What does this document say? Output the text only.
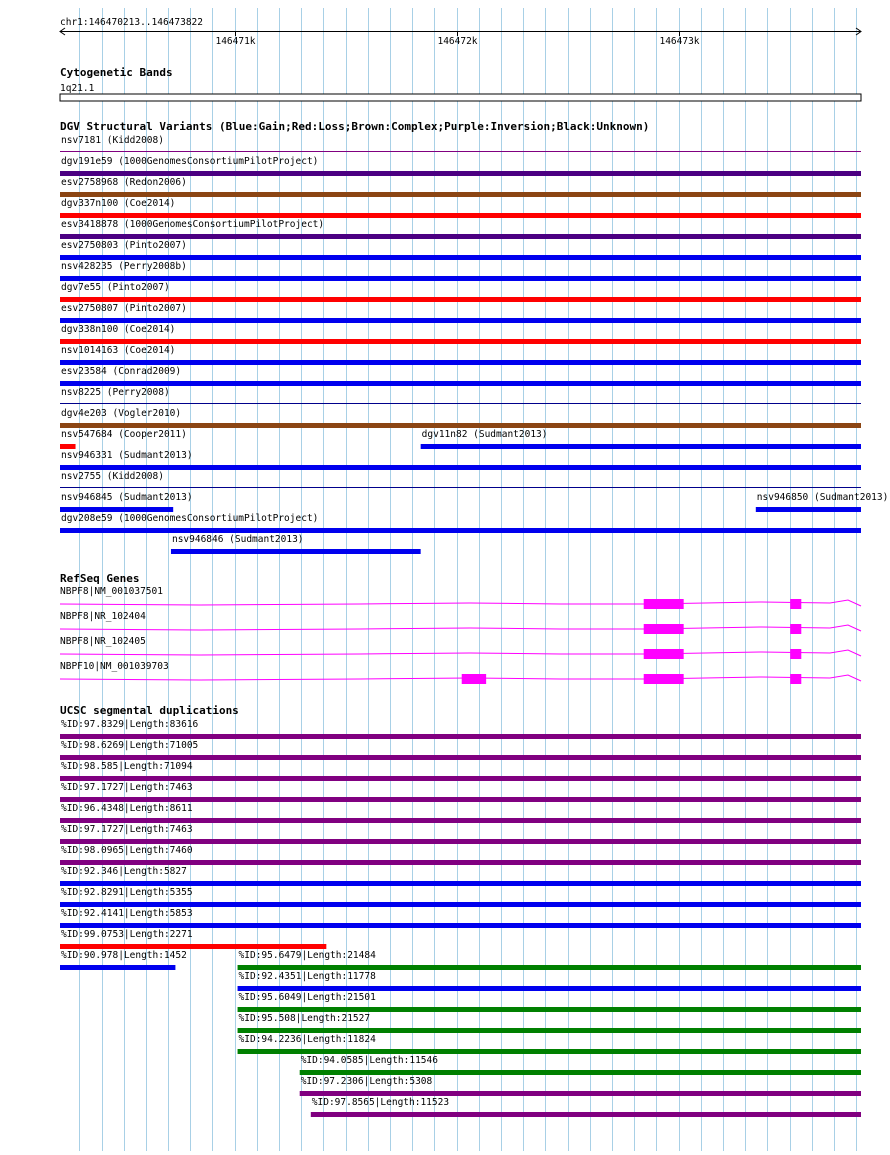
chr1:146470213..146473822
146471k	146472k	146473k
Cytogenetic Bands
1q21.1
DGV Structural Variants (Blue:Gain;Red:Loss;Brown:Complex;Purple:Inversion;Black:Unknown)
nsv7181 (Kidd2008)
dgv191e59 (1000GenomesConsortiumPilotProject)
esv2758968 (Redon2006)
dgv337n100 (Coe2014)
esv3418878 (1000GenomesConsortiumPilotProject)
esv2750803 (Pinto2007)
nsv428235 (Perry2008b)
dgv7e55 (Pinto2007)
esv2750807 (Pinto2007)
dgv338n100 (Coe2014)
nsv1014163 (Coe2014)
esv23584 (Conrad2009)
nsv8225 (Perry2008)
dgv4e203 (Vogler2010)
nsv547684 (Cooper2011)	dgv11n82 (Sudmant2013)
nsv946331 (Sudmant2013)
nsv2755 (Kidd2008)
nsv946845 (Sudmant2013)	nsv946850 (Sudmant2013)
dgv208e59 (1000GenomesConsortiumPilotProject)
nsv946846 (Sudmant2013)
RefSeq Genes
NBPF8|NM_001037501
NBPF8|NR_102404
NBPF8|NR_102405
NBPF10|NM_001039703
UCSC segmental duplications
%ID:97.8329|Length:83616
%ID:98.6269|Length:71005
%ID:98.585|Length:71094
%ID:97.1727|Length:7463
%ID:96.4348|Length:8611
%ID:97.1727|Length:7463
%ID:98.0965|Length:7460
%ID:92.346|Length:5827
%ID:92.8291|Length:5355
%ID:92.4141|Length:5853
%ID:99.0753|Length:2271
%ID:90.978|Length:1452	%ID:95.6479|Length:21484
%ID:92.4351|Length:11778
%ID:95.6049|Length:21501
%ID:95.508|Length:21527
%ID:94.2236|Length:11824
%ID:94.0585|Length:11546
%ID:97.2306|Length:5308
%ID:97.8565|Length:11523
